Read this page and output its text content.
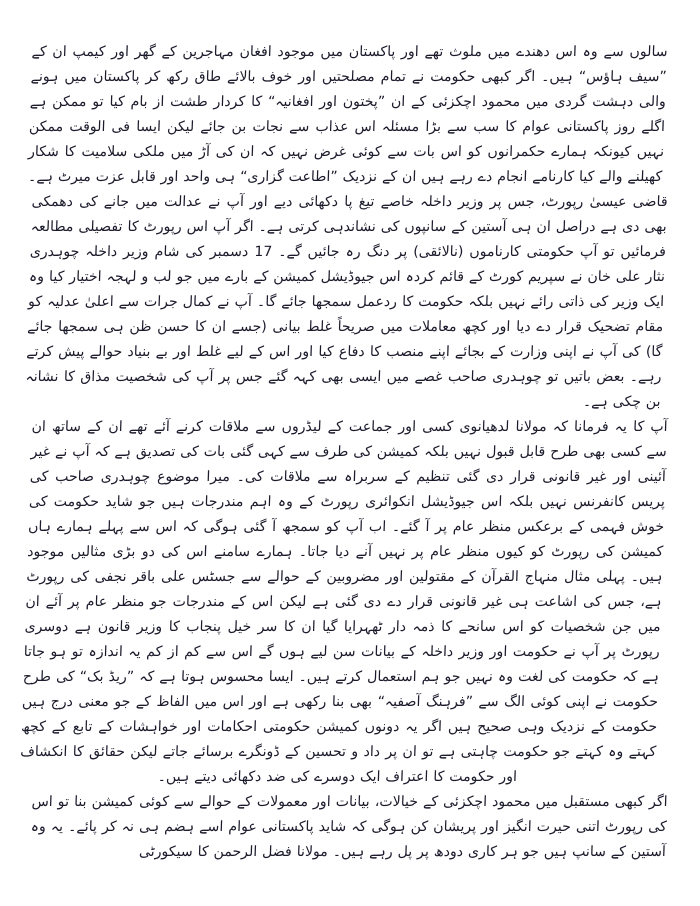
سالوں سے وہ اس دھندے میں ملوث تھے اور پاکستان میں موجود افغان مہاجرین کے گھر اور کیمپ ان کے ”سیف ہاؤس“ ہیں۔ اگر کبھی حکومت نے تمام مصلحتیں اور خوف بالائے طاق رکھ کر پاکستان میں ہونے والی دہشت گردی میں محمود اچکزئی کے ان ”پختون اور افغانیہ“ کا کردار طشت از بام کیا تو ممکن ہے اگلے روز پاکستانی عوام کا سب سے بڑا مسئلہ اس عذاب سے نجات بن جائے لیکن ایسا فی الوقت ممکن نہیں کیونکہ ہمارے حکمرانوں کو اس بات سے کوئی غرض نہیں کہ ان کی آڑ میں ملکی سلامیت کا شکار کھیلنے والے کیا کارنامے انجام دے رہے ہیں ان کے نزدیک ”اطاعت گزاری“ ہی واحد اور قابل عزت میرٹ ہے۔

قاضی عیسیٰ رپورٹ، جس پر وزیر داخلہ خاصے تیغ پا دکھائی دیے اور آپ نے عدالت میں جانے کی دھمکی بھی دی ہے دراصل ان ہی آستین کے سانپوں کی نشاندہی کرتی ہے۔ اگر آپ اس رپورٹ کا تفصیلی مطالعہ فرمائیں تو آپ حکومتی کارناموں (نالائقی) پر دنگ رہ جائیں گے۔ 17 دسمبر کی شام وزیر داخلہ چوہدری نثار علی خان نے سپریم کورٹ کے قائم کردہ اس جیوڈیشل کمیشن کے بارے میں جو لب و لہجہ اختیار کیا وہ ایک وزیر کی ذاتی رائے نہیں بلکہ حکومت کا ردعمل سمجھا جائے گا۔ آپ نے کمال جرات سے اعلیٰ عدلیہ کو مقام تضحیک قرار دے دیا اور کچھ معاملات میں صریحاً غلط بیانی (جسے ان کا حسن ظن ہی سمجھا جائے گا) کی آپ نے اپنی وزارت کے بجائے اپنے منصب کا دفاع کیا اور اس کے لیے غلط اور بے بنیاد حوالے پیش کرتے رہے۔ بعض باتیں تو چوہدری صاحب غصے میں ایسی بھی کہہ گئے جس پر آپ کی شخصیت مذاق کا نشانہ بن چکی ہے۔

آپ کا یہ فرمانا کہ مولانا لدھیانوی کسی اور جماعت کے لیڈروں سے ملاقات کرنے آئے تھے ان کے ساتھ ان سے کسی بھی طرح قابل قبول نہیں بلکہ کمیشن کی طرف سے کہی گئی بات کی تصدیق ہے کہ آپ نے غیر آئینی اور غیر قانونی قرار دی گئی تنظیم کے سربراہ سے ملاقات کی۔ میرا موضوع چوہدری صاحب کی پریس کانفرنس نہیں بلکہ اس جیوڈیشل انکوائری رپورٹ کے وہ اہم مندرجات ہیں جو شاید حکومت کی خوش فہمی کے برعکس منظر عام پر آ گئے۔ اب آپ کو سمجھ آ گئی ہوگی کہ اس سے پہلے ہمارے ہاں کمیشن کی رپورٹ کو کیوں منظر عام پر نہیں آنے دیا جاتا۔ ہمارے سامنے اس کی دو بڑی مثالیں موجود ہیں۔ پہلی مثال منہاج القرآن کے مقتولین اور مضروبین کے حوالے سے جسٹس علی باقر نجفی کی رپورٹ ہے، جس کی اشاعت ہی غیر قانونی قرار دے دی گئی ہے لیکن اس کے مندرجات جو منظر عام پر آئے ان میں جن شخصیات کو اس سانحے کا ذمہ دار ٹھہرایا گیا ان کا سر خیل پنجاب کا وزیر قانون ہے دوسری رپورٹ پر آپ نے حکومت اور وزیر داخلہ کے بیانات سن لیے ہوں گے اس سے کم از کم یہ اندازہ تو ہو جاتا ہے کہ حکومت کی لغت وہ نہیں جو ہم استعمال کرتے ہیں۔ ایسا محسوس ہوتا ہے کہ ”ریڈ بک“ کی طرح حکومت نے اپنی کوئی الگ سے ”فرہنگ آصفیہ“ بھی بنا رکھی ہے اور اس میں الفاظ کے جو معنی درج ہیں حکومت کے نزدیک وہی صحیح ہیں اگر یہ دونوں کمیشن حکومتی احکامات اور خواہشات کے تابع کے کچھ کہتے وہ کہتے جو حکومت چاہتی ہے تو ان پر داد و تحسین کے ڈونگرے برسائے جاتے لیکن حقائق کا انکشاف اور حکومت کا اعتراف ایک دوسرے کی ضد دکھائی دیتے ہیں۔

اگر کبھی مستقبل میں محمود اچکزئی کے خیالات، بیانات اور معمولات کے حوالے سے کوئی کمیشن بنا تو اس کی رپورٹ اتنی حیرت انگیز اور پریشان کن ہوگی کہ شاید پاکستانی عوام اسے ہضم ہی نہ کر پائے۔ یہ وہ آستین کے سانپ ہیں جو ہر کاری دودھ پر پل رہے ہیں۔ مولانا فضل الرحمن کا سیکورٹی
